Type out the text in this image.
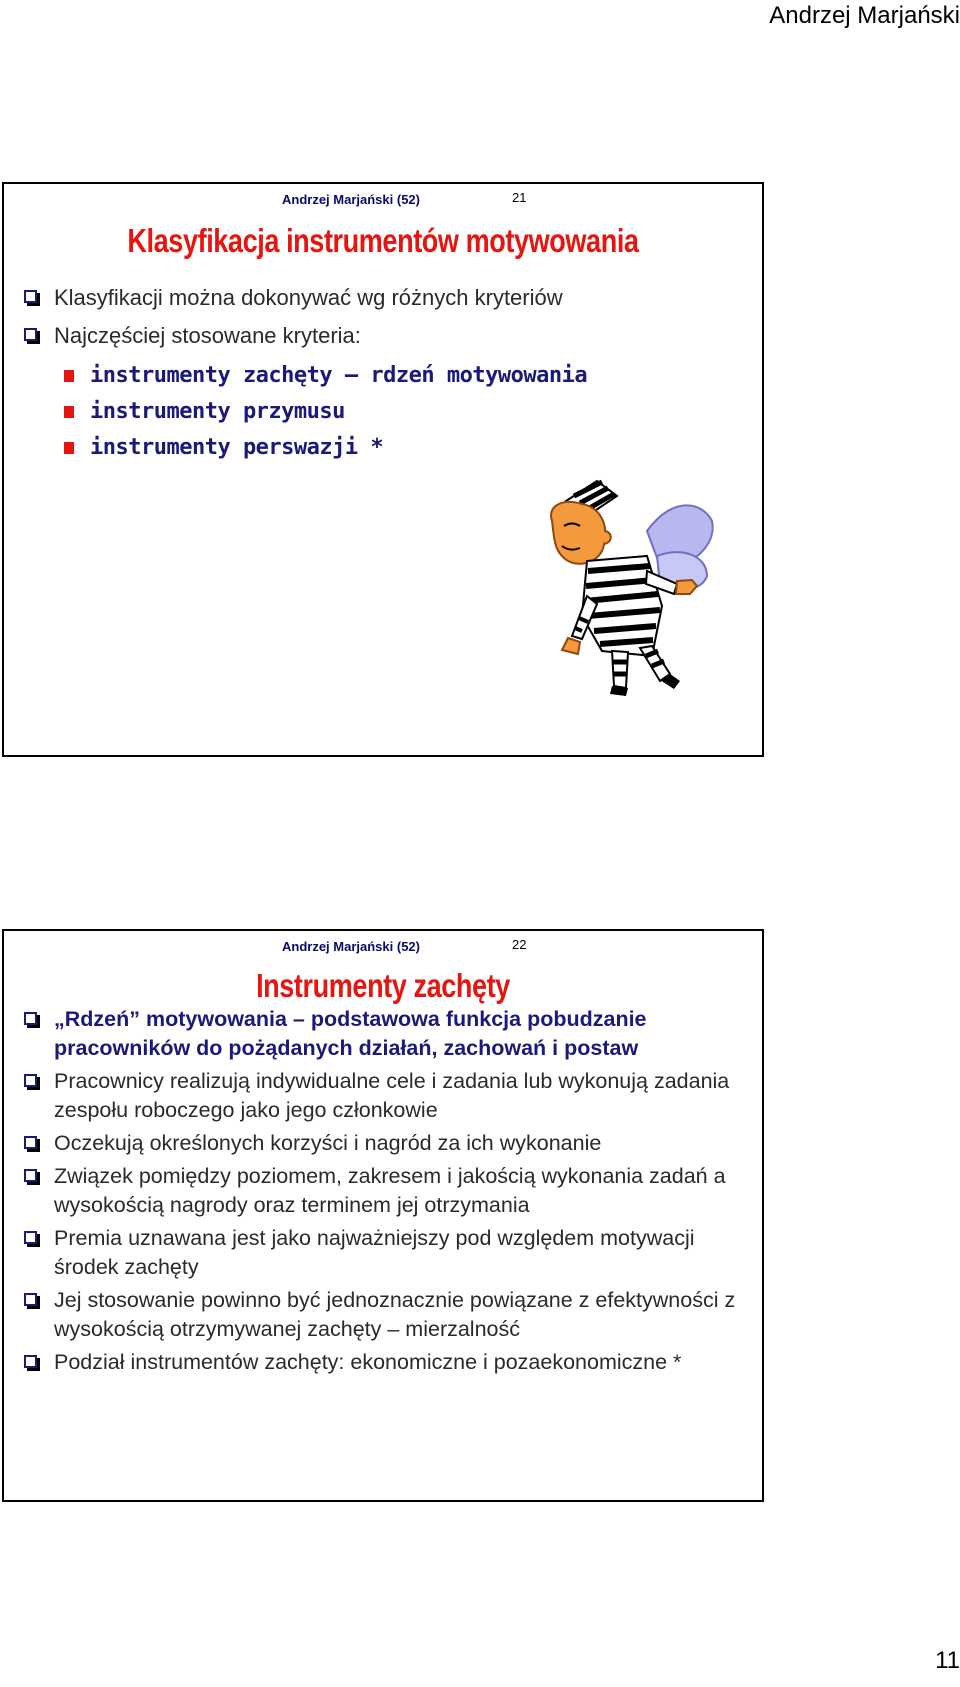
Andrzej Marjański
Andrzej Marjański (52)	21
Klasyfikacja instrumentów motywowania
Klasyfikacji można dokonywać wg różnych kryteriów
Najczęściej stosowane kryteria:
instrumenty zachęty – rdzeń motywowania
instrumenty przymusu
instrumenty perswazji *
Andrzej Marjański (52)	22
Instrumenty zachęty
„Rdzeń” motywowania – podstawowa funkcja pobudzanie pracowników do pożądanych działań, zachowań i postaw
Pracownicy realizują indywidualne cele i zadania lub wykonują zadania zespołu roboczego jako jego członkowie
Oczekują określonych korzyści i nagród za ich wykonanie
Związek pomiędzy poziomem, zakresem i jakością wykonania zadań a wysokością nagrody oraz terminem jej otrzymania
Premia uznawana jest jako najważniejszy pod względem motywacji środek zachęty
Jej stosowanie powinno być jednoznacznie powiązane z efektywności z wysokością otrzymywanej zachęty – mierzalność
Podział instrumentów zachęty: ekonomiczne i pozaekonomiczne *
11
